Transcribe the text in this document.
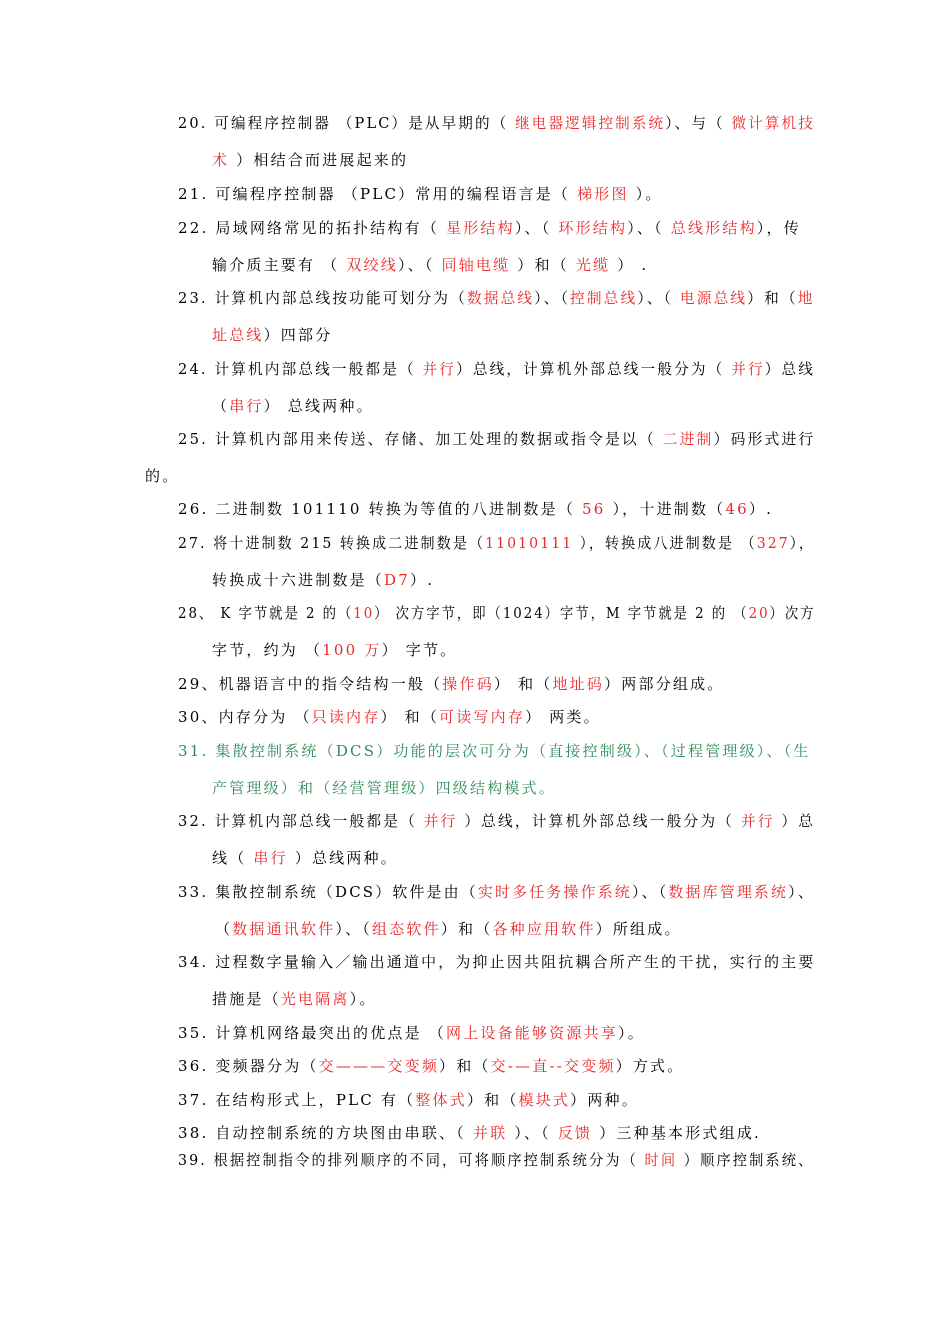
20. 可编程序控制器 （PLC）是从早期的（ 继电器逻辑控制系统）、与（ 微计算机技
术 ）相结合而进展起来的
21. 可编程序控制器 （PLC）常用的编程语言是（ 梯形图 ）。
22. 局域网络常见的拓扑结构有（ 星形结构）、（ 环形结构）、（ 总线形结构），传
输介质主要有 （ 双绞线）、（ 同轴电缆 ）和（ 光缆 ） .
23. 计算机内部总线按功能可划分为（数据总线）、（控制总线）、（ 电源总线）和（地
址总线）四部分
24. 计算机内部总线一般都是（ 并行）总线，计算机外部总线一般分为（ 并行）总线
（串行） 总线两种。
25. 计算机内部用来传送、存储、加工处理的数据或指令是以（ 二进制）码形式进行
的。
26. 二进制数 101110 转换为等值的八进制数是（ 56 ），十进制数（46）.
27. 将十进制数 215 转换成二进制数是（11010111 ），转换成八进制数是 （327），
转换成十六进制数是（D7）.
28、 K 字节就是 2 的（10） 次方字节，即（1024）字节，M 字节就是 2 的 （20）次方
字节，约为 （100 万） 字节。
29、机器语言中的指令结构一般（操作码） 和（地址码）两部分组成。
30、内存分为 （只读内存） 和（可读写内存） 两类。
31. 集散控制系统（DCS）功能的层次可分为（直接控制级）、（过程管理级）、（生
产管理级）和（经营管理级）四级结构模式。
32. 计算机内部总线一般都是（ 并行 ）总线，计算机外部总线一般分为（ 并行 ）总
线（ 串行 ）总线两种。
33. 集散控制系统（DCS）软件是由（实时多任务操作系统）、（数据库管理系统）、
（数据通讯软件）、（组态软件）和（各种应用软件）所组成。
34. 过程数字量输入／输出通道中，为抑止因共阻抗耦合所产生的干扰，实行的主要
措施是（光电隔离）。
35. 计算机网络最突出的优点是 （网上设备能够资源共享）。
36. 变频器分为（交———交变频）和（交-—直--交变频）方式。
37. 在结构形式上，PLC 有（整体式）和（模块式）两种。
38. 自动控制系统的方块图由串联、（ 并联 ）、（ 反馈 ）三种基本形式组成.
39. 根据控制指令的排列顺序的不同，可将顺序控制系统分为（ 时间 ）顺序控制系统、
